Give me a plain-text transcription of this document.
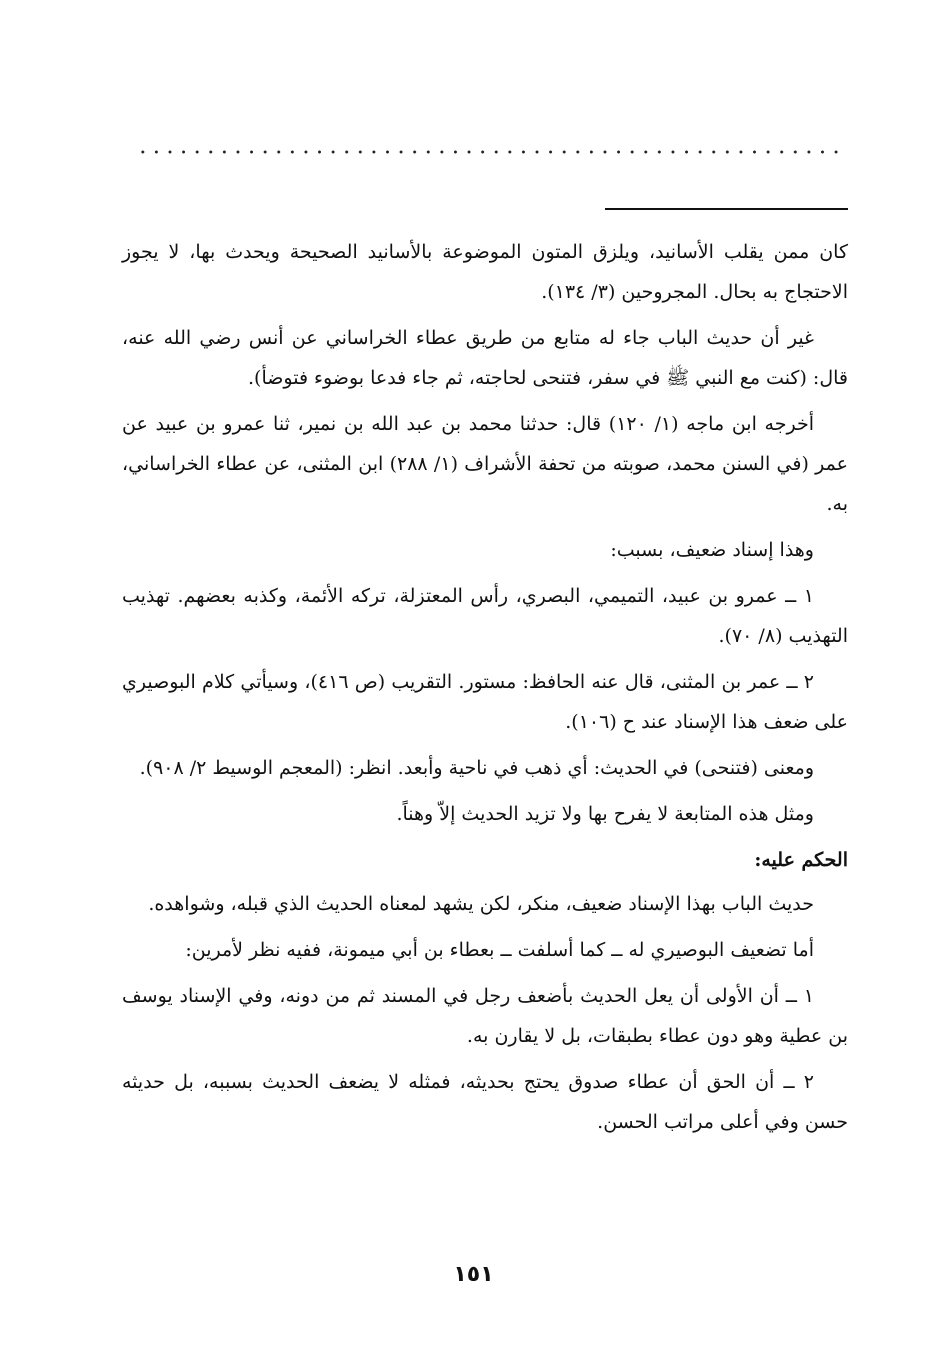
كان ممن يقلب الأسانيد، ويلزق المتون الموضوعة بالأسانيد الصحيحة ويحدث بها، لا يجوز الاحتجاج به بحال. المجروحين (٣/ ١٣٤).

غير أن حديث الباب جاء له متابع من طريق عطاء الخراساني عن أنس رضي الله عنه، قال: (كنت مع النبي ﷺ في سفر، فتنحى لحاجته، ثم جاء فدعا بوضوء فتوضأ).

أخرجه ابن ماجه (١/ ١٢٠) قال: حدثنا محمد بن عبد الله بن نمير، ثنا عمرو بن عبيد عن عمر (في السنن محمد، صوبته من تحفة الأشراف (١/ ٢٨٨) ابن المثنى، عن عطاء الخراساني، به.

وهذا إسناد ضعيف، بسبب:

١ ــ عمرو بن عبيد، التميمي، البصري، رأس المعتزلة، تركه الأئمة، وكذبه بعضهم. تهذيب التهذيب (٨/ ٧٠).

٢ ــ عمر بن المثنى، قال عنه الحافظ: مستور. التقريب (ص ٤١٦)، وسيأتي كلام البوصيري على ضعف هذا الإسناد عند ح (١٠٦).

ومعنى (فتنحى) في الحديث: أي ذهب في ناحية وأبعد. انظر: (المعجم الوسيط ٢/ ٩٠٨).

ومثل هذه المتابعة لا يفرح بها ولا تزيد الحديث إلاّ وهناً.

الحكم عليه:

حديث الباب بهذا الإسناد ضعيف، منكر، لكن يشهد لمعناه الحديث الذي قبله، وشواهده.

أما تضعيف البوصيري له ــ كما أسلفت ــ بعطاء بن أبي ميمونة، ففيه نظر لأمرين:

١ ــ أن الأولى أن يعل الحديث بأضعف رجل في المسند ثم من دونه، وفي الإسناد يوسف بن عطية وهو دون عطاء بطبقات، بل لا يقارن به.

٢ ــ أن الحق أن عطاء صدوق يحتج بحديثه، فمثله لا يضعف الحديث بسببه، بل حديثه حسن وفي أعلى مراتب الحسن.

١٥١
